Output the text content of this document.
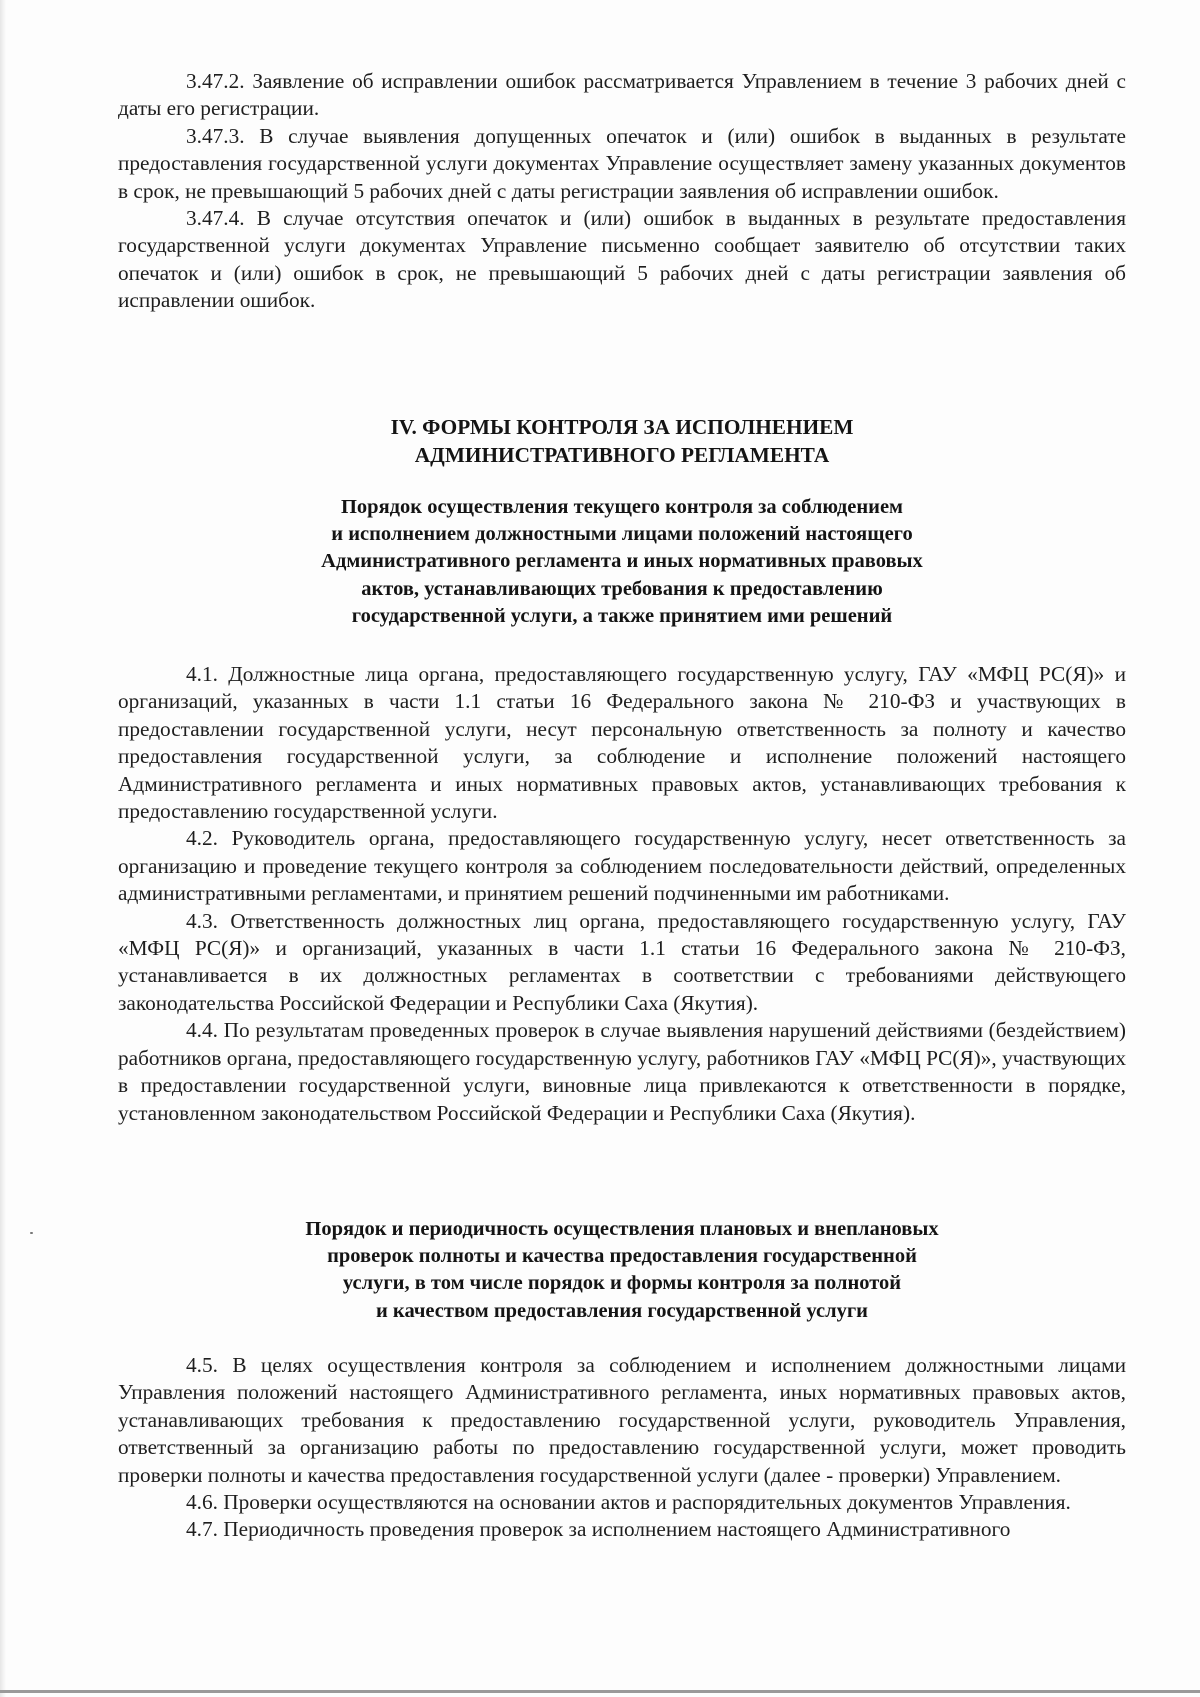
3.47.2. Заявление об исправлении ошибок рассматривается Управлением в течение 3 рабочих дней с даты его регистрации.

3.47.3. В случае выявления допущенных опечаток и (или) ошибок в выданных в результате предоставления государственной услуги документах Управление осуществляет замену указанных документов в срок, не превышающий 5 рабочих дней с даты регистрации заявления об исправлении ошибок.

3.47.4. В случае отсутствия опечаток и (или) ошибок в выданных в результате предоставления государственной услуги документах Управление письменно сообщает заявителю об отсутствии таких опечаток и (или) ошибок в срок, не превышающий 5 рабочих дней с даты регистрации заявления об исправлении ошибок.

IV. ФОРМЫ КОНТРОЛЯ ЗА ИСПОЛНЕНИЕМ
АДМИНИСТРАТИВНОГО РЕГЛАМЕНТА
Порядок осуществления текущего контроля за соблюдением
и исполнением должностными лицами положений настоящего
Административного регламента и иных нормативных правовых
актов, устанавливающих требования к предоставлению
государственной услуги, а также принятием ими решений

4.1. Должностные лица органа, предоставляющего государственную услугу, ГАУ «МФЦ РС(Я)» и организаций, указанных в части 1.1 статьи 16 Федерального закона № 210-ФЗ и участвующих в предоставлении государственной услуги, несут персональную ответственность за полноту и качество предоставления государственной услуги, за соблюдение и исполнение положений настоящего Административного регламента и иных нормативных правовых актов, устанавливающих требования к предоставлению государственной услуги.

4.2. Руководитель органа, предоставляющего государственную услугу, несет ответственность за организацию и проведение текущего контроля за соблюдением последовательности действий, определенных административными регламентами, и принятием решений подчиненными им работниками.

4.3. Ответственность должностных лиц органа, предоставляющего государственную услугу, ГАУ «МФЦ РС(Я)» и организаций, указанных в части 1.1 статьи 16 Федерального закона № 210-ФЗ, устанавливается в их должностных регламентах в соответствии с требованиями действующего законодательства Российской Федерации и Республики Саха (Якутия).

4.4. По результатам проведенных проверок в случае выявления нарушений действиями (бездействием) работников органа, предоставляющего государственную услугу, работников ГАУ «МФЦ РС(Я)», участвующих в предоставлении государственной услуги, виновные лица привлекаются к ответственности в порядке, установленном законодательством Российской Федерации и Республики Саха (Якутия).

Порядок и периодичность осуществления плановых и внеплановых
проверок полноты и качества предоставления государственной
услуги, в том числе порядок и формы контроля за полнотой
и качеством предоставления государственной услуги

4.5. В целях осуществления контроля за соблюдением и исполнением должностными лицами Управления положений настоящего Административного регламента, иных нормативных правовых актов, устанавливающих требования к предоставлению государственной услуги, руководитель Управления, ответственный за организацию работы по предоставлению государственной услуги, может проводить проверки полноты и качества предоставления государственной услуги (далее - проверки) Управлением.

4.6. Проверки осуществляются на основании актов и распорядительных документов Управления.

4.7. Периодичность проведения проверок за исполнением настоящего Административного
